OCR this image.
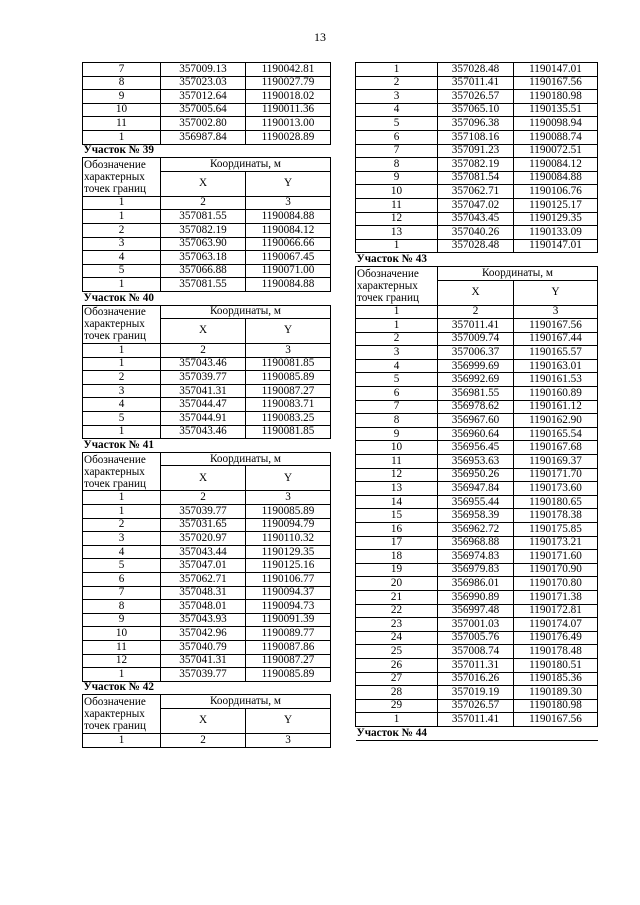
13
7	357009.13	1190042.81
8	357023.03	1190027.79
9	357012.64	1190018.02
10	357005.64	1190011.36
11	357002.80	1190013.00
1	356987.84	1190028.89
Участок № 39		
Обозначение
характерных
точек границ	Координаты, м	
	X	Y
1	2	3
1	357081.55	1190084.88
2	357082.19	1190084.12
3	357063.90	1190066.66
4	357063.18	1190067.45
5	357066.88	1190071.00
1	357081.55	1190084.88
Участок № 40		
Обозначение
характерных
точек границ	Координаты, м	
	X	Y
1	2	3
1	357043.46	1190081.85
2	357039.77	1190085.89
3	357041.31	1190087.27
4	357044.47	1190083.71
5	357044.91	1190083.25
1	357043.46	1190081.85
Участок № 41		
Обозначение
характерных
точек границ	Координаты, м	
	X	Y
1	2	3
1	357039.77	1190085.89
2	357031.65	1190094.79
3	357020.97	1190110.32
4	357043.44	1190129.35
5	357047.01	1190125.16
6	357062.71	1190106.77
7	357048.31	1190094.37
8	357048.01	1190094.73
9	357043.93	1190091.39
10	357042.96	1190089.77
11	357040.79	1190087.86
12	357041.31	1190087.27
1	357039.77	1190085.89
Участок № 42		
Обозначение
характерных
точек границ	Координаты, м	
	X	Y
1	2	3
1	357028.48	1190147.01
2	357011.41	1190167.56
3	357026.57	1190180.98
4	357065.10	1190135.51
5	357096.38	1190098.94
6	357108.16	1190088.74
7	357091.23	1190072.51
8	357082.19	1190084.12
9	357081.54	1190084.88
10	357062.71	1190106.76
11	357047.02	1190125.17
12	357043.45	1190129.35
13	357040.26	1190133.09
1	357028.48	1190147.01
Участок № 43		
Обозначение
характерных
точек границ	Координаты, м	
	X	Y
1	2	3
1	357011.41	1190167.56
2	357009.74	1190167.44
3	357006.37	1190165.57
4	356999.69	1190163.01
5	356992.69	1190161.53
6	356981.55	1190160.89
7	356978.62	1190161.12
8	356967.60	1190162.90
9	356960.64	1190165.54
10	356956.45	1190167.68
11	356953.63	1190169.37
12	356950.26	1190171.70
13	356947.84	1190173.60
14	356955.44	1190180.65
15	356958.39	1190178.38
16	356962.72	1190175.85
17	356968.88	1190173.21
18	356974.83	1190171.60
19	356979.83	1190170.90
20	356986.01	1190170.80
21	356990.89	1190171.38
22	356997.48	1190172.81
23	357001.03	1190174.07
24	357005.76	1190176.49
25	357008.74	1190178.48
26	357011.31	1190180.51
27	357016.26	1190185.36
28	357019.19	1190189.30
29	357026.57	1190180.98
1	357011.41	1190167.56
Участок № 44		
